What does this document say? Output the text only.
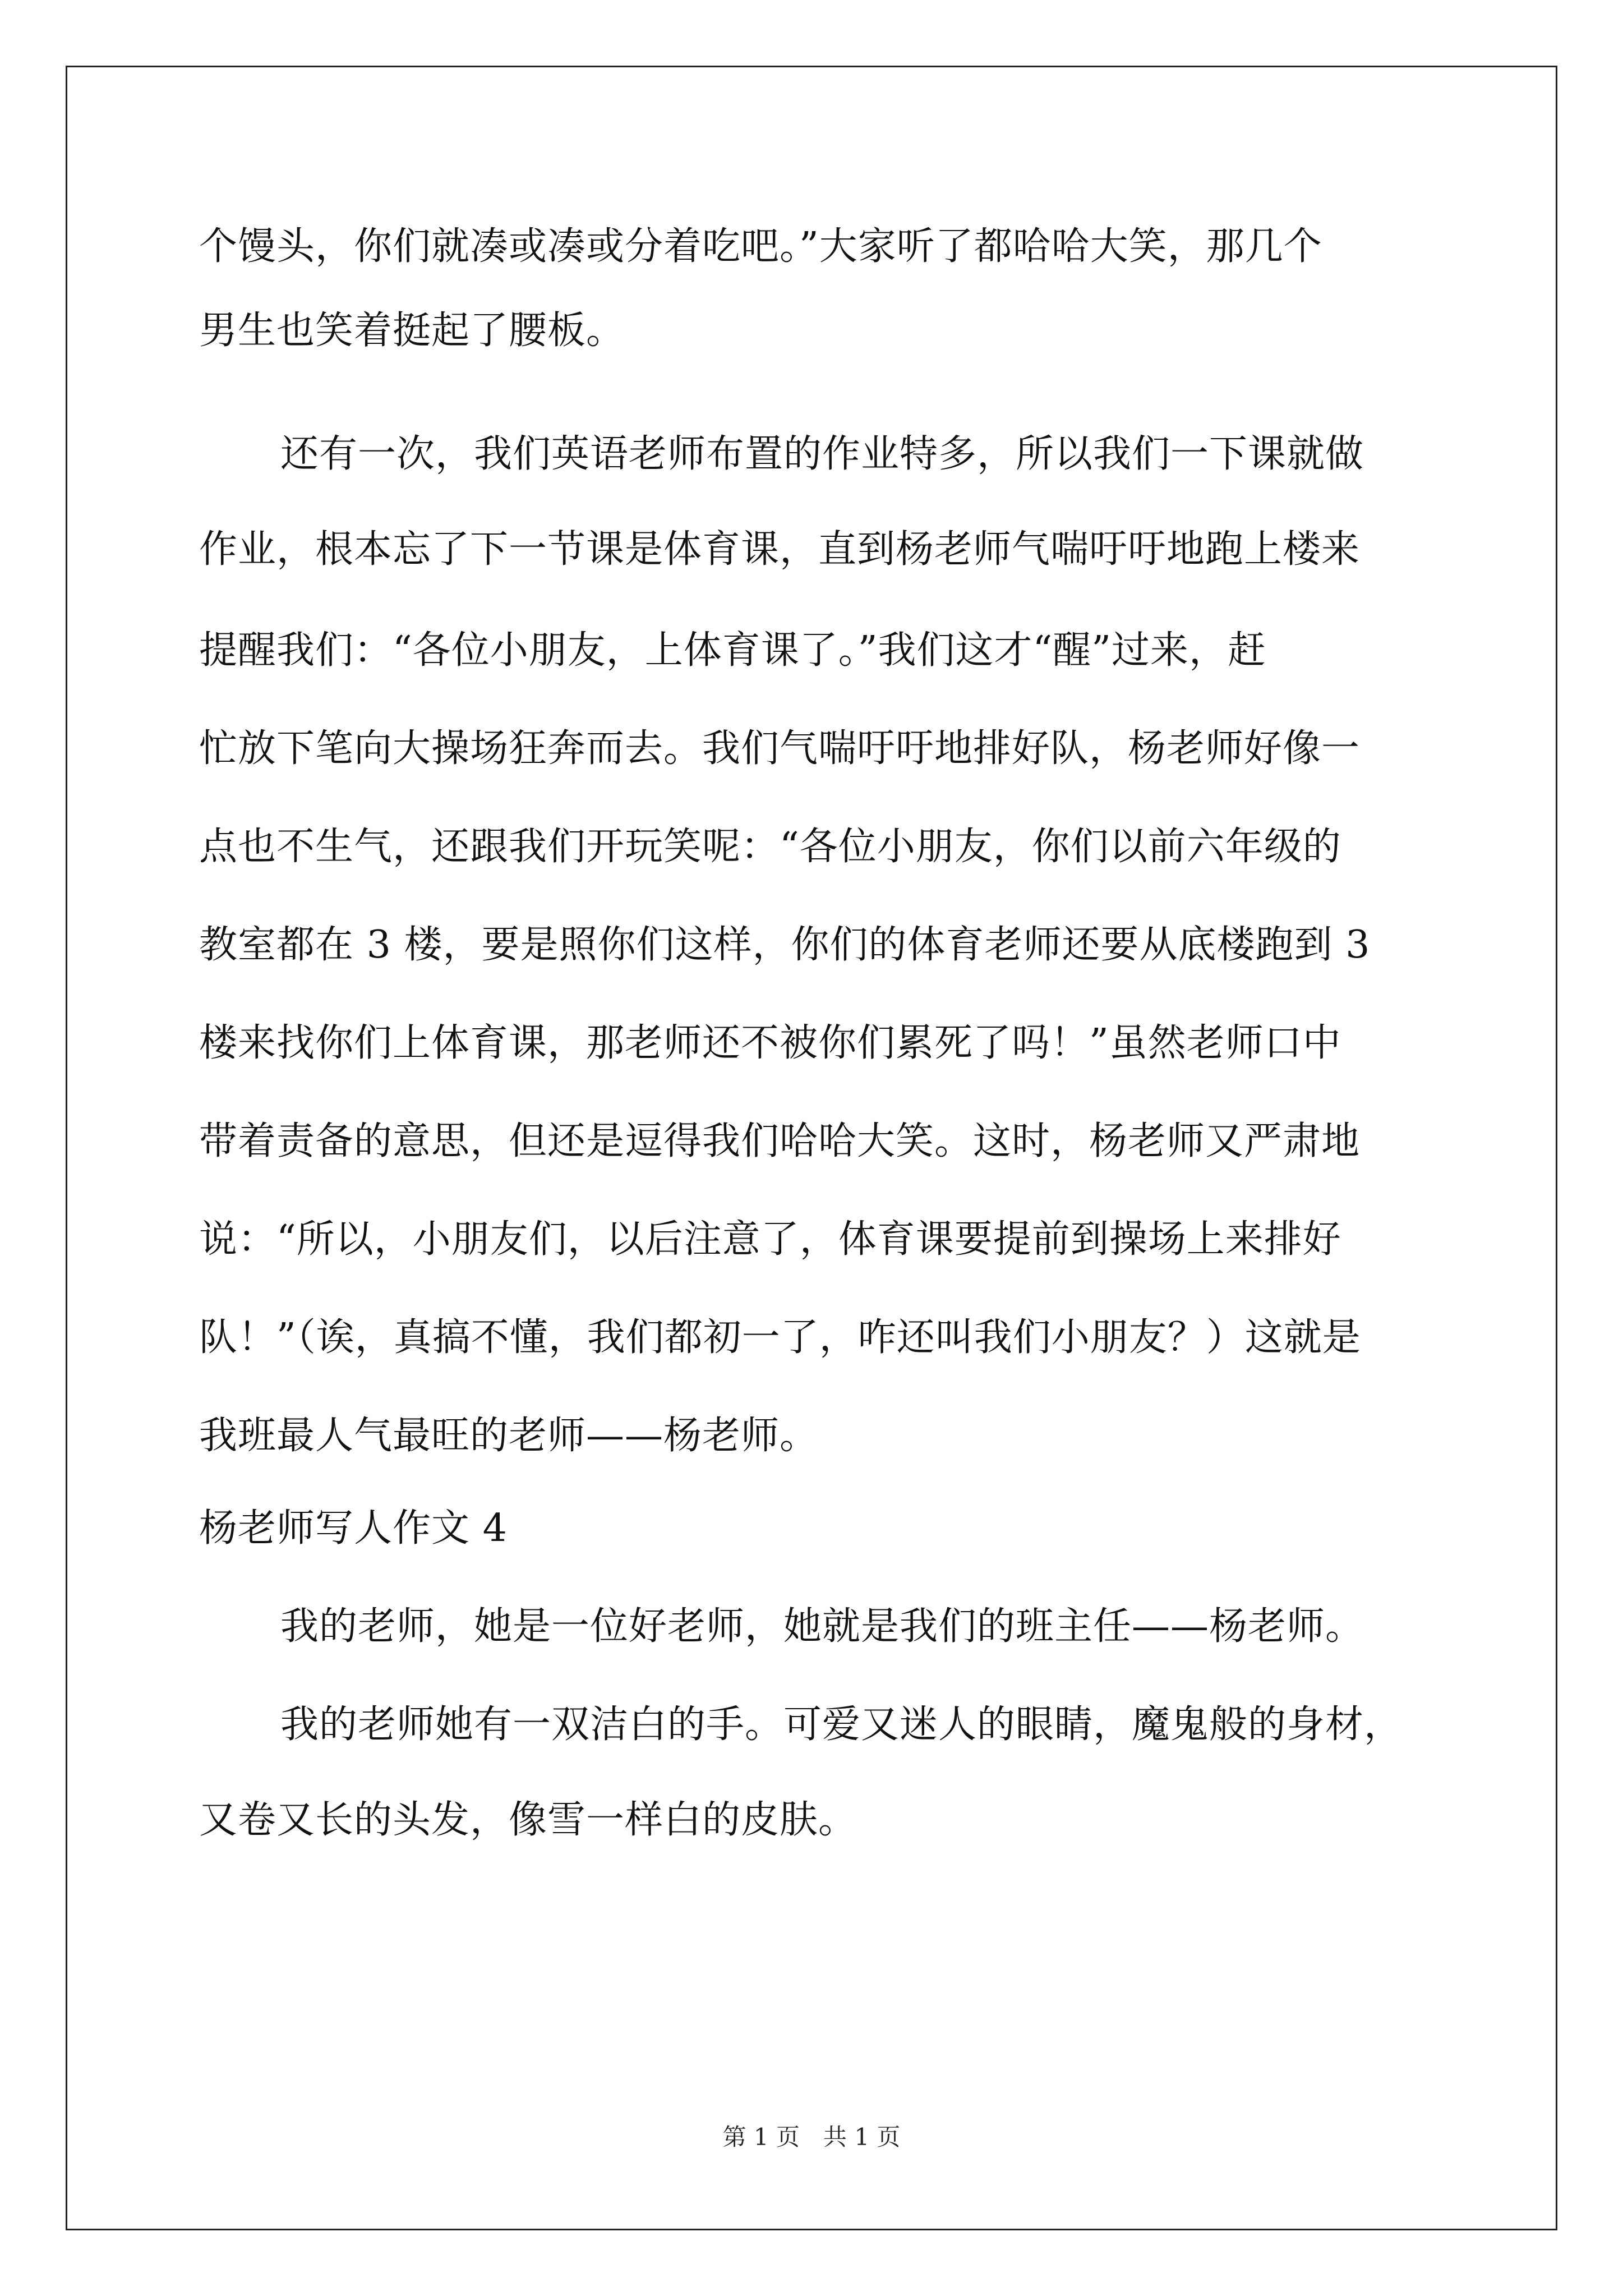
个馒头，你们就凑或凑或分着吃吧。”大家听了都哈哈大笑，那几个
男生也笑着挺起了腰板。
还有一次，我们英语老师布置的作业特多，所以我们一下课就做
作业，根本忘了下一节课是体育课，直到杨老师气喘吁吁地跑上楼来
提醒我们：“各位小朋友，上体育课了。”我们这才“醒”过来，赶
忙放下笔向大操场狂奔而去。我们气喘吁吁地排好队，杨老师好像一
点也不生气，还跟我们开玩笑呢：“各位小朋友，你们以前六年级的
教室都在 3 楼，要是照你们这样，你们的体育老师还要从底楼跑到 3
楼来找你们上体育课，那老师还不被你们累死了吗！”虽然老师口中
带着责备的意思，但还是逗得我们哈哈大笑。这时，杨老师又严肃地
说：“所以，小朋友们，以后注意了，体育课要提前到操场上来排好
队！”（诶，真搞不懂，我们都初一了，咋还叫我们小朋友？）这就是
我班最人气最旺的老师——杨老师。
杨老师写人作文 4
我的老师，她是一位好老师，她就是我们的班主任——杨老师。
我的老师她有一双洁白的手。可爱又迷人的眼睛，魔鬼般的身材，
又卷又长的头发，像雪一样白的皮肤。
第 1 页　共 1 页
